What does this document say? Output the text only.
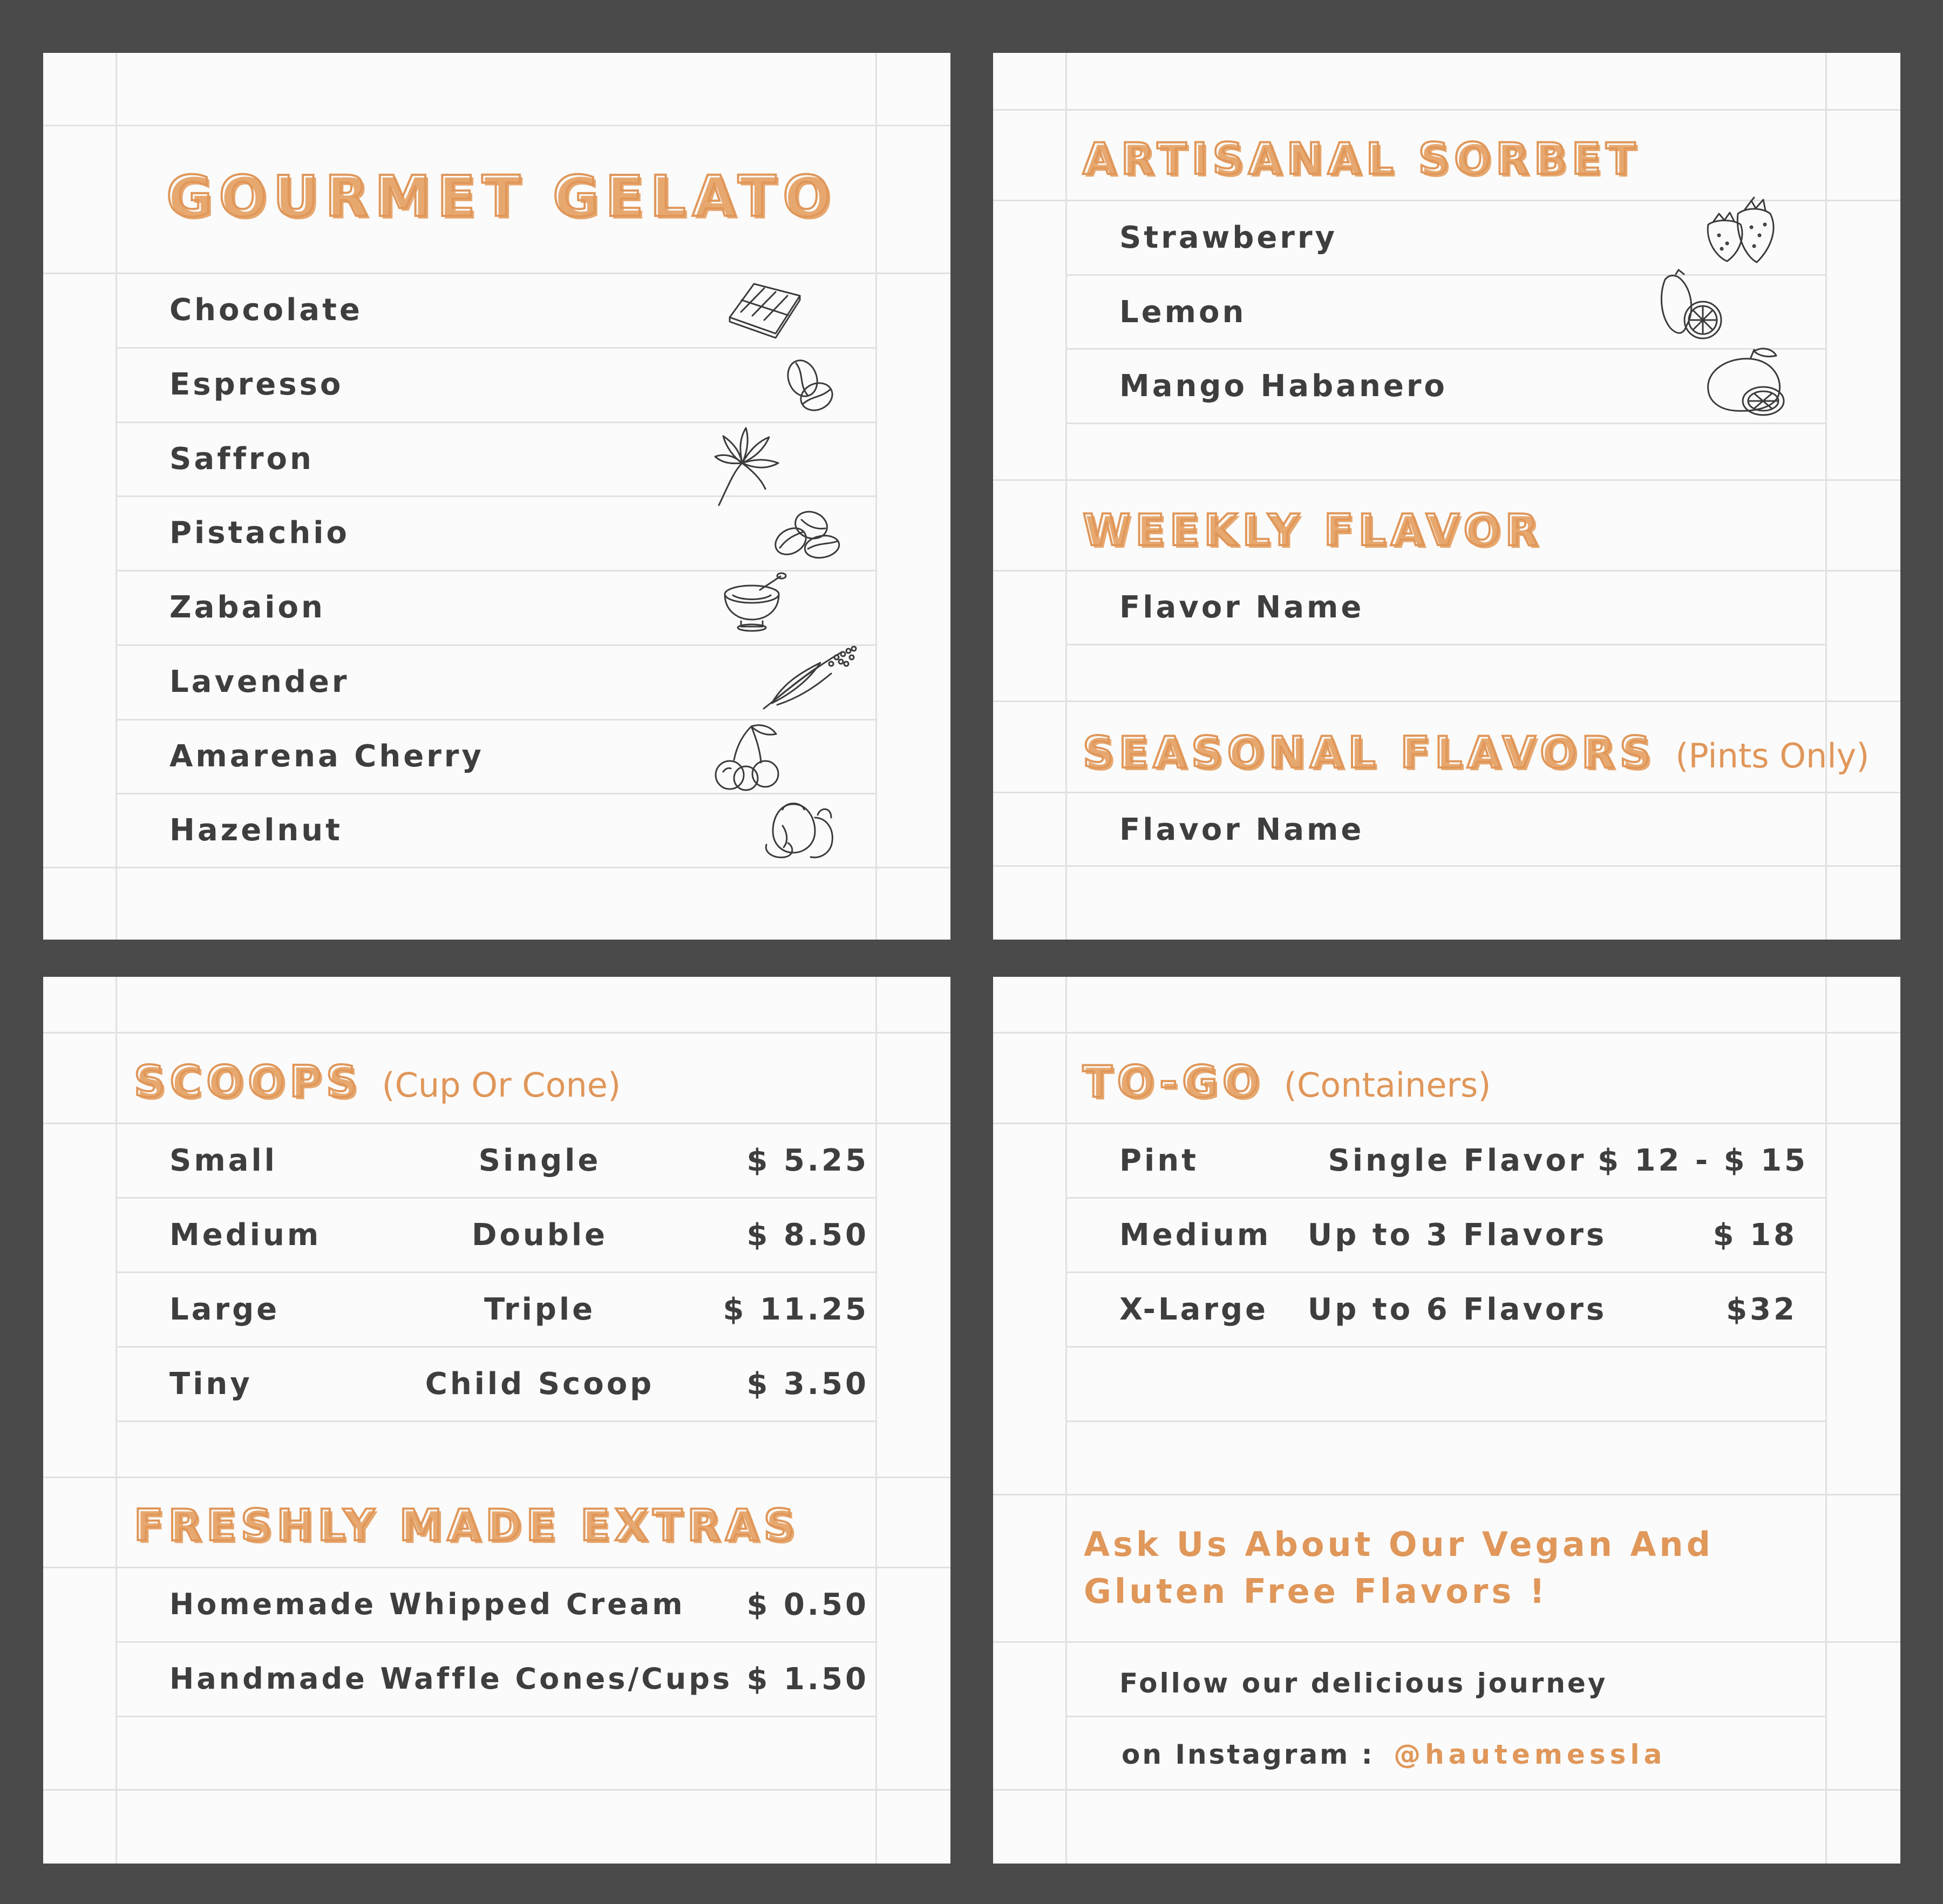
GOURMET GELATO
Chocolate
Espresso
Saffron
Pistachio
Zabaion
Lavender
Amarena Cherry
Hazelnut
ARTISANAL SORBET
Strawberry
Lemon
Mango Habanero
WEEKLY FLAVOR
Flavor Name
SEASONAL FLAVORS (Pints Only)
Flavor Name
SCOOPS (Cup Or Cone)
Small	Single	$ 5.25
Medium	Double	$ 8.50
Large	Triple	$ 11.25
Tiny	Child Scoop	$ 3.50
FRESHLY MADE EXTRAS
Homemade Whipped Cream	$ 0.50
Handmade Waffle Cones/Cups $ 1.50
TO-GO (Containers)
Pint	Single Flavor $ 12 - $ 15
Medium	Up to 3 Flavors	$ 18
X-Large	Up to 6 Flavors	$32
Ask Us About Our Vegan And
Gluten Free Flavors !
Follow our delicious journey
on Instagram : @hautemessla
